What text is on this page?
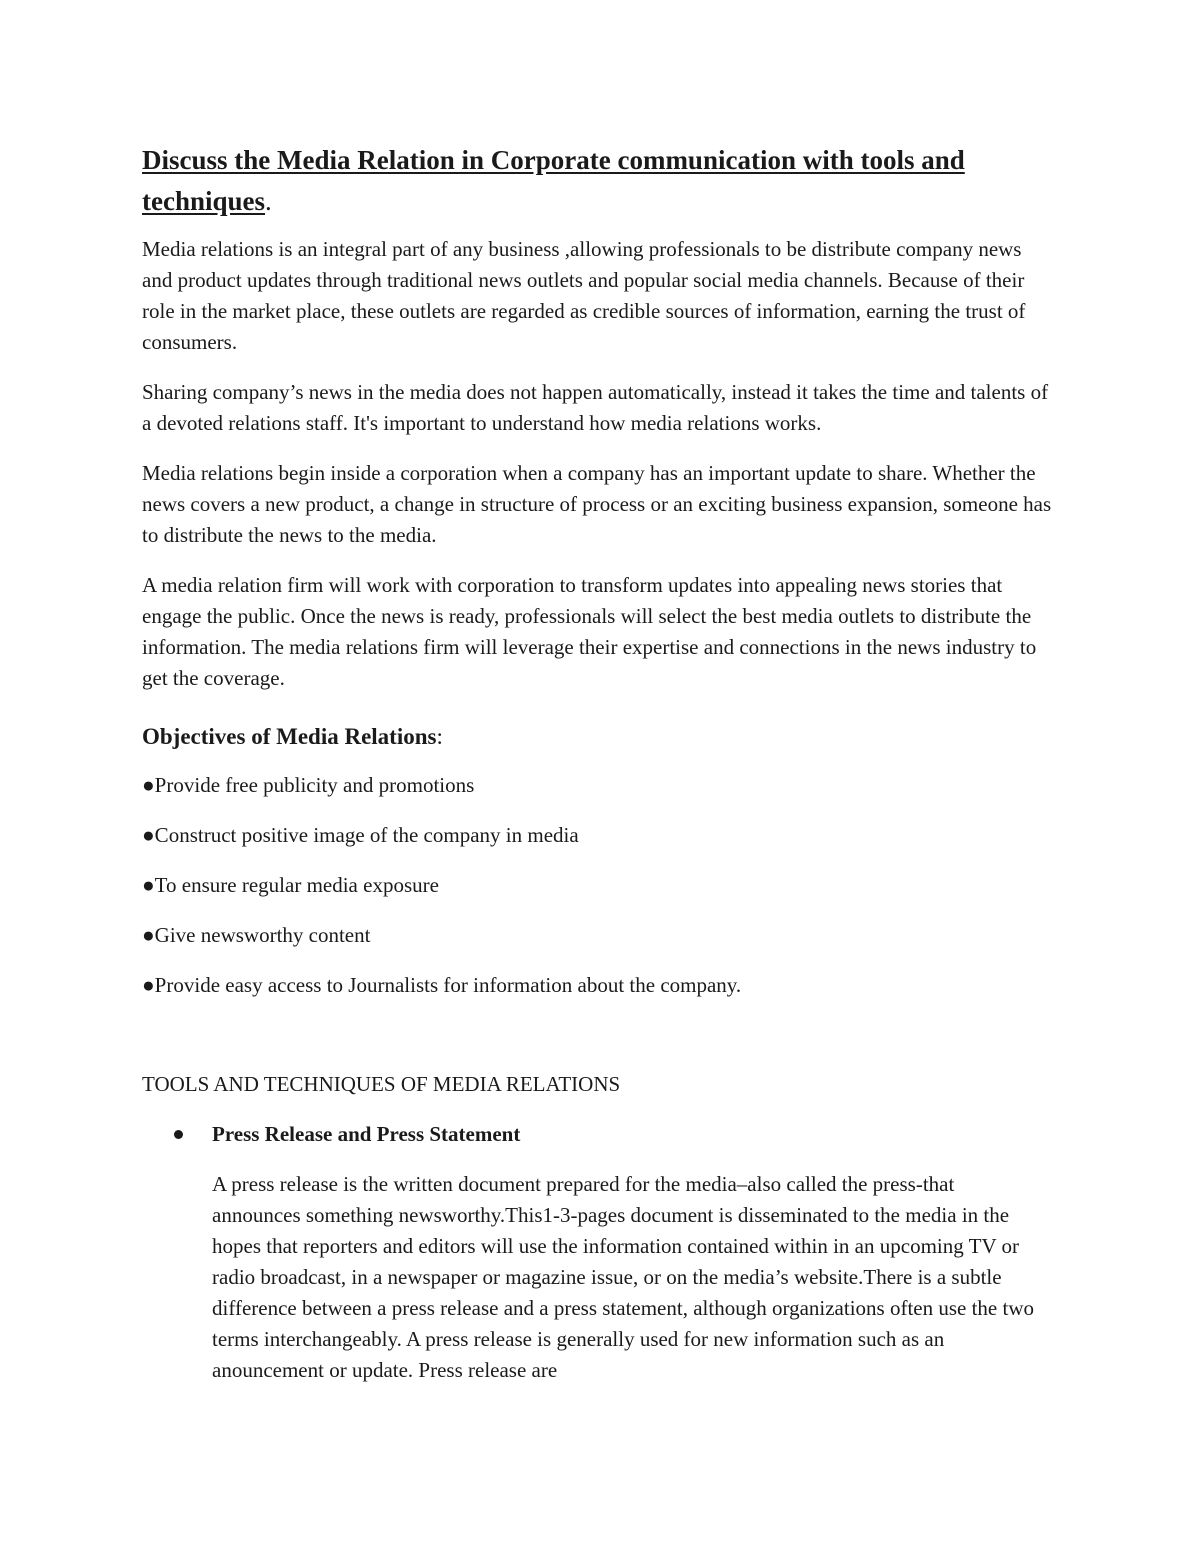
Discuss the Media Relation in Corporate communication with tools and techniques.

Media relations is an integral part of any business ,allowing professionals to be distribute company news and product updates through traditional news outlets and popular social media channels. Because of their role in the market place, these outlets are regarded as credible sources of information, earning the trust of consumers.

Sharing company’s news in the media does not happen automatically, instead it takes the time and talents of a devoted relations staff. It's important to understand how media relations works.

Media relations begin inside a corporation when a company has an important update to share. Whether the news covers a new product, a change in structure of process or an exciting business expansion, someone has to distribute the news to the media.

A media relation firm will work with corporation to transform updates into appealing news stories that engage the public. Once the news is ready, professionals will select the best media outlets to distribute the information. The media relations firm will leverage their expertise and connections in the news industry to get the coverage.

Objectives of Media Relations:
●Provide free publicity and promotions
●Construct positive image of the company in media
●To ensure regular media exposure
●Give newsworthy content
●Provide easy access to Journalists for information about the company.
TOOLS AND TECHNIQUES OF MEDIA RELATIONS
Press Release and Press Statement

A press release is the written document prepared for the media–also called the press-that announces something newsworthy.This1-3-pages document is disseminated to the media in the hopes that reporters and editors will use the information contained within in an upcoming TV or radio broadcast, in a newspaper or magazine issue, or on the media’s website.There is a subtle difference between a press release and a press statement, although organizations often use the two terms interchangeably. A press release is generally used for new information such as an anouncement or update. Press release are
